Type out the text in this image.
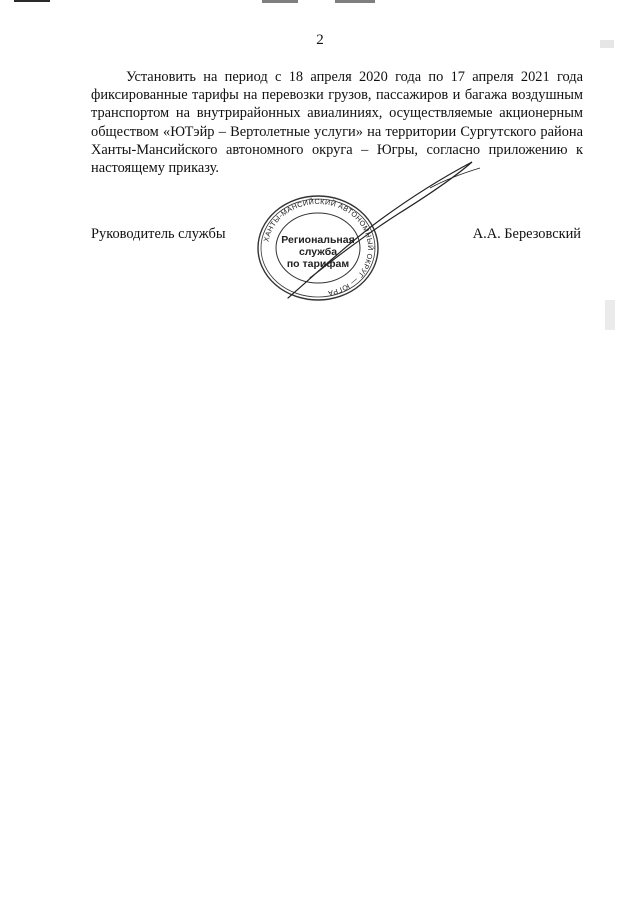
2

Установить на период с 18 апреля 2020 года по 17 апреля 2021 года фиксированные тарифы на перевозки грузов, пассажиров и багажа воздушным транспортом на внутрирайонных авиалиниях, осуществляемые акционерным обществом «ЮТэйр – Вертолетные услуги» на территории Сургутского района Ханты-Мансийского автономного округа – Югры, согласно приложению к настоящему приказу.

Руководитель службы	А.А. Березовский
ХАНТЫ-МАНСИЙСКИЙ АВТОНОМНЫЙ ОКРУГ — ЮГРА
Региональная
служба
по тарифам
